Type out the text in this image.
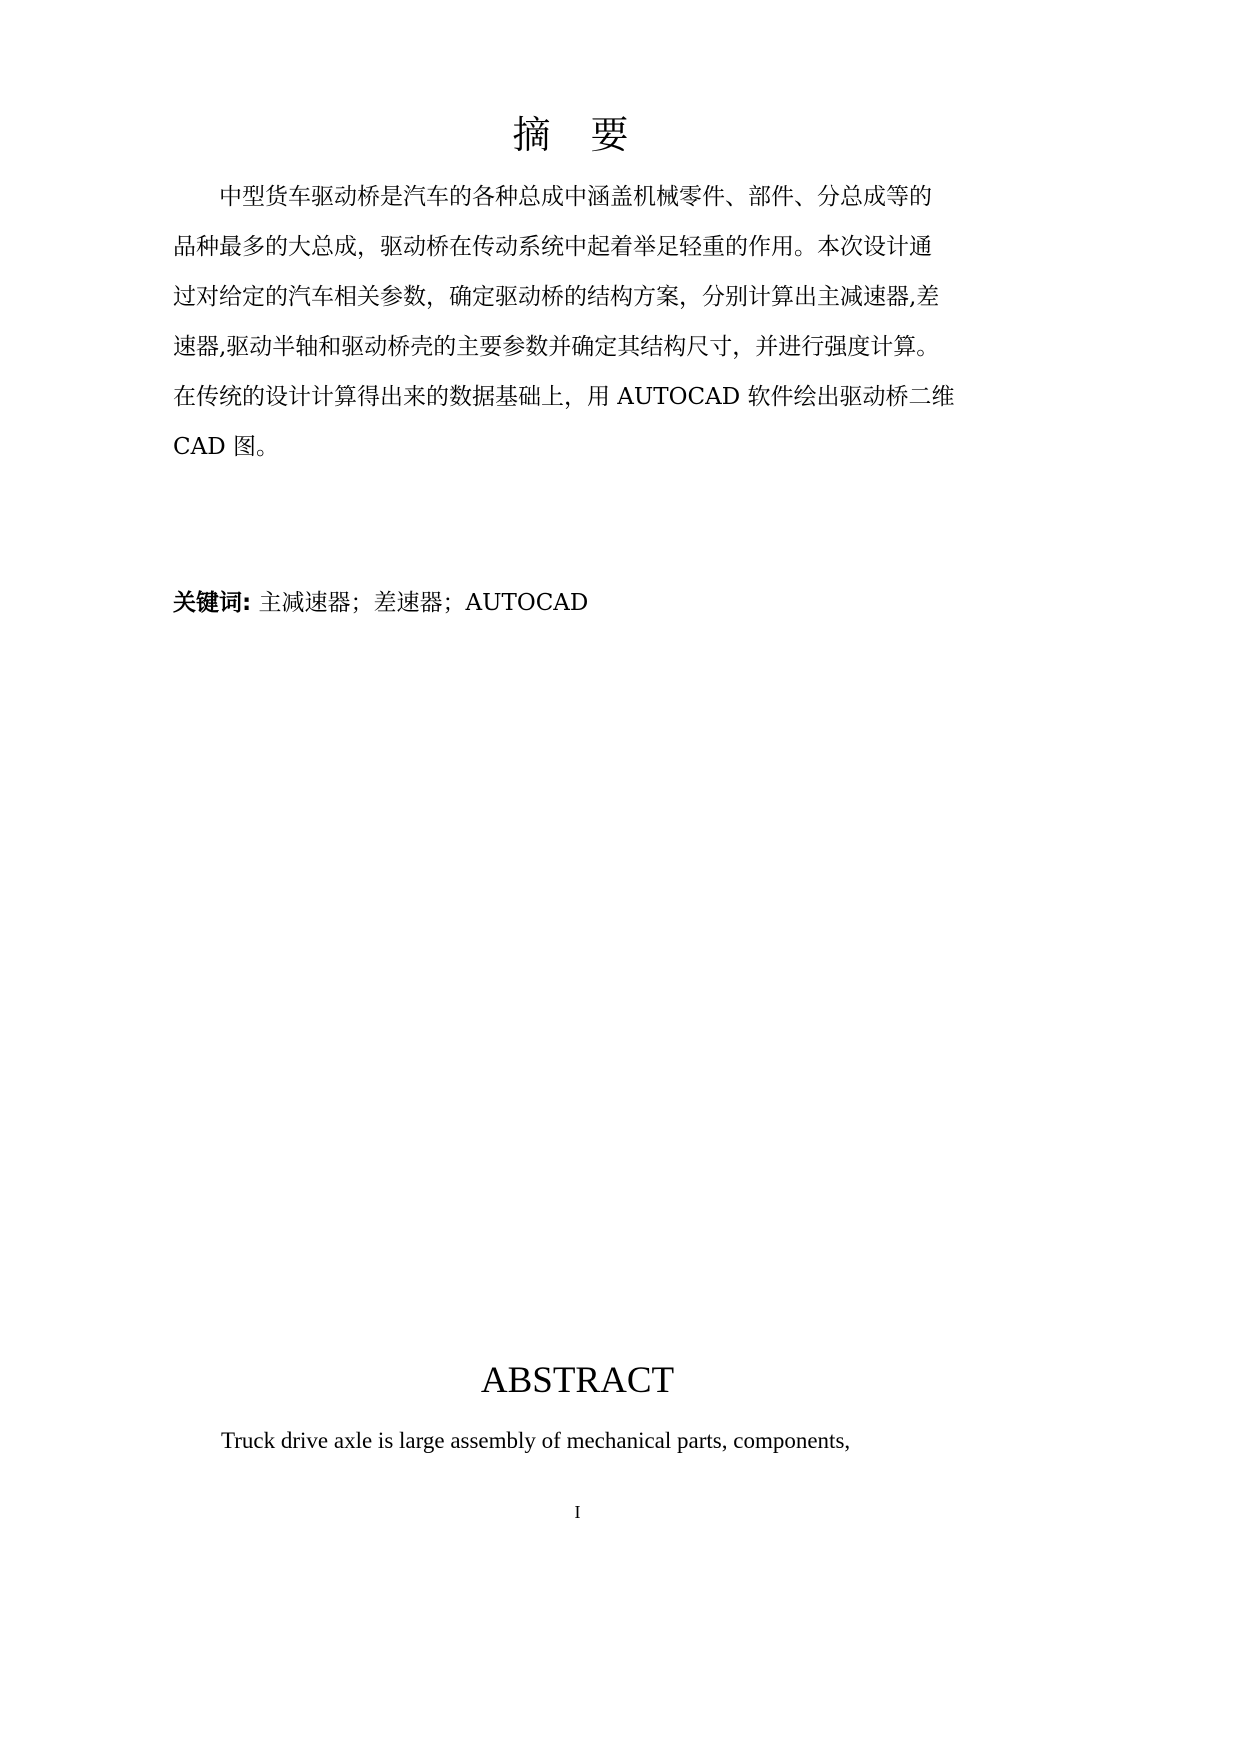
摘 要
　　中型货车驱动桥是汽车的各种总成中涵盖机械零件、部件、分总成等的
品种最多的大总成，驱动桥在传动系统中起着举足轻重的作用。本次设计通
过对给定的汽车相关参数，确定驱动桥的结构方案，分别计算出主减速器,差
速器,驱动半轴和驱动桥壳的主要参数并确定其结构尺寸，并进行强度计算。
在传统的设计计算得出来的数据基础上，用 AUTOCAD 软件绘出驱动桥二维
CAD 图。
关键词: 主减速器；差速器；AUTOCAD
ABSTRACT
Truck drive axle is large assembly of mechanical parts, components,
I
